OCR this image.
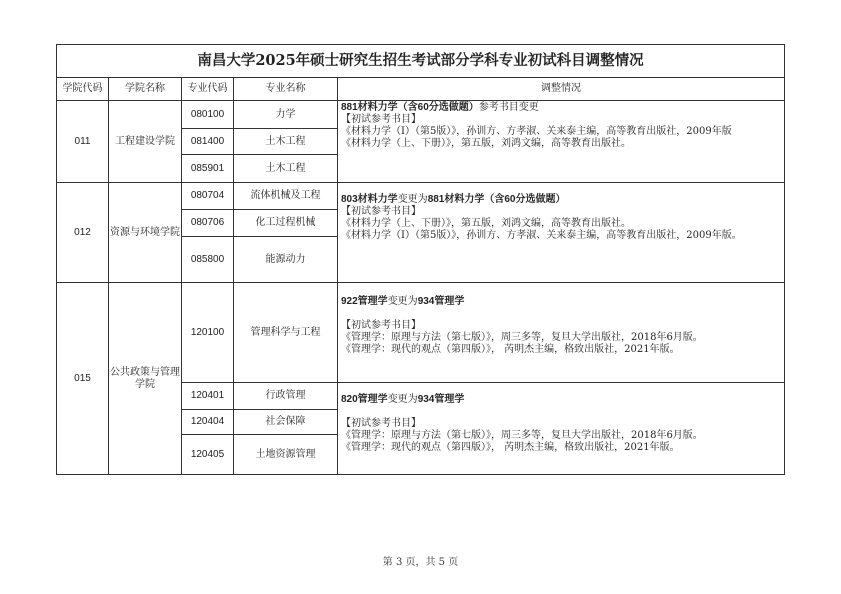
南昌大学2025年硕士研究生招生考试部分学科专业初试科目调整情况				
学院代码	学院名称	专业代码	专业名称	调整情况
011	工程建设学院	080100	力学	881材料力学（含60分选做题）参考书目变更
【初试参考书目】
《材料力学（Ⅰ）（第5版）》，孙训方、方孝淑、关来泰主编，高等教育出版社，2009年版
《材料力学（上、下册）》，第五版，刘鸿文编，高等教育出版社。

		081400	土木工程	
		085901	土木工程	
012	资源与环境学院	080704	流体机械及工程	803材料力学变更为881材料力学（含60分选做题）
【初试参考书目】
《材料力学（上、下册）》，第五版，刘鸿文编，高等教育出版社。
《材料力学（Ⅰ）（第5版）》，孙训方、方孝淑、关来泰主编，高等教育出版社，2009年版。

		080706	化工过程机械	
		085800	能源动力	
015	公共政策与管理学院	120100	管理科学与工程	922管理学变更为934管理学
【初试参考书目】
《管理学：原理与方法（第七版）》，周三多等，复旦大学出版社，2018年6月版。
《管理学：现代的观点（第四版）》， 芮明杰主编，格致出版社，2021年版。

		120401	行政管理	820管理学变更为934管理学
【初试参考书目】
《管理学：原理与方法（第七版）》，周三多等，复旦大学出版社，2018年6月版。
《管理学：现代的观点（第四版）》， 芮明杰主编，格致出版社，2021年版。

		120404	社会保障	
		120405	土地资源管理	
第 3 页，共 5 页
